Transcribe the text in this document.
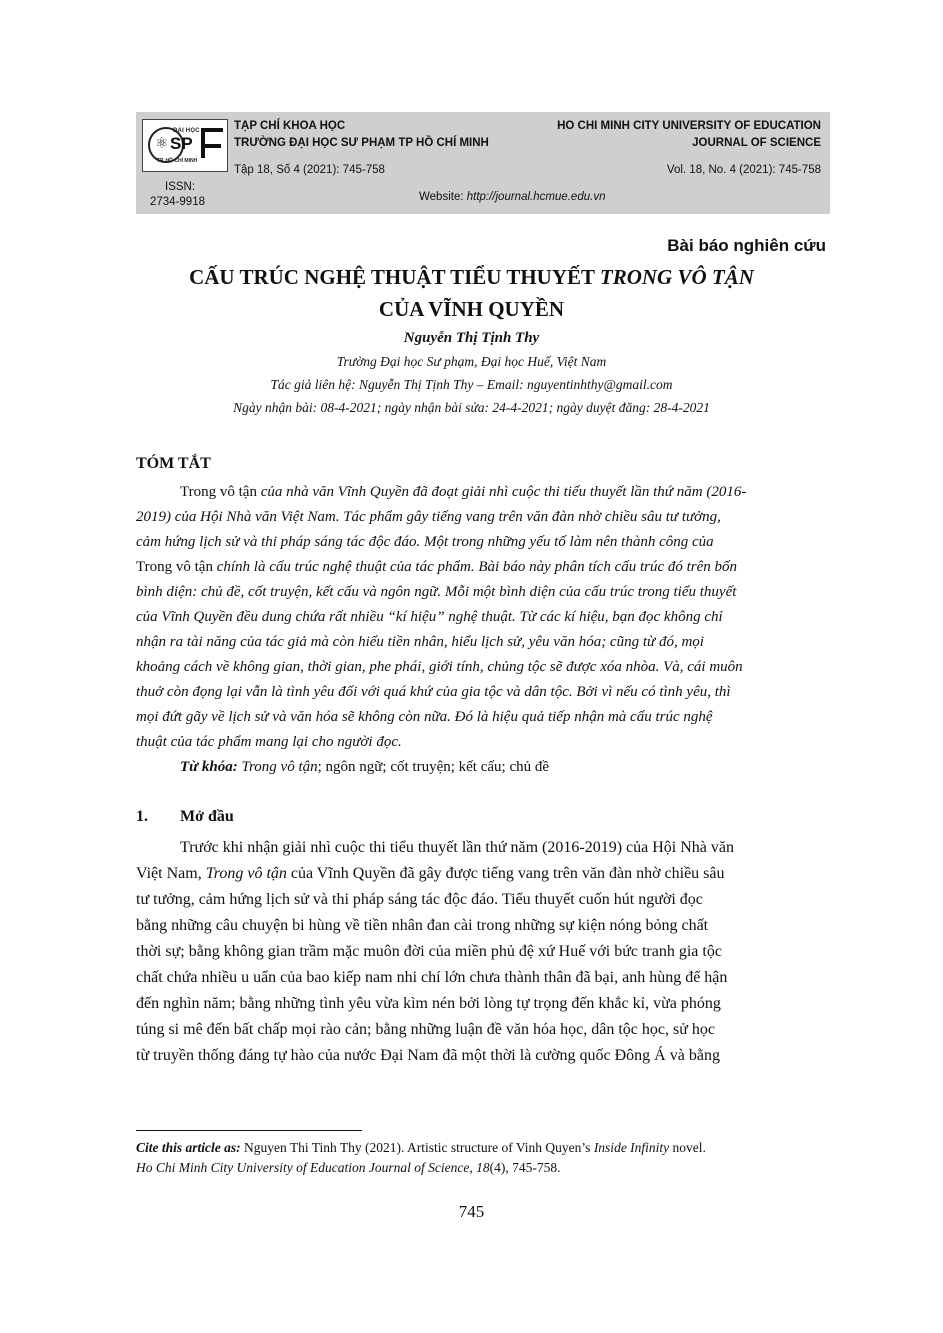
⚛
ĐẠI HỌC
SP
TP. HỒ CHÍ MINH
TẠP CHÍ KHOA HỌC
TRƯỜNG ĐẠI HỌC SƯ PHẠM TP HỒ CHÍ MINH
Tập 18, Số 4 (2021): 745-758
HO CHI MINH CITY UNIVERSITY OF EDUCATION
JOURNAL OF SCIENCE
Vol. 18, No. 4 (2021): 745-758
ISSN:
2734-9918	Website: http://journal.hcmue.edu.vn
Bài báo nghiên cứu
CẤU TRÚC NGHỆ THUẬT TIỂU THUYẾT TRONG VÔ TẬN
CỦA VĨNH QUYỀN
Nguyễn Thị Tịnh Thy
Trường Đại học Sư phạm, Đại học Huế, Việt Nam
Tác giả liên hệ: Nguyễn Thị Tịnh Thy – Email: nguyentinhthy@gmail.com
Ngày nhận bài: 08-4-2021; ngày nhận bài sửa: 24-4-2021; ngày duyệt đăng: 28-4-2021
TÓM TẮT
Trong vô tận của nhà văn Vĩnh Quyền đã đoạt giải nhì cuộc thi tiểu thuyết lần thứ năm (2016-
2019) của Hội Nhà văn Việt Nam. Tác phẩm gây tiếng vang trên văn đàn nhờ chiều sâu tư tưởng,
cảm hứng lịch sử và thi pháp sáng tác độc đáo. Một trong những yếu tố làm nên thành công của
Trong vô tận chính là cấu trúc nghệ thuật của tác phẩm. Bài báo này phân tích cấu trúc đó trên bốn
bình diện: chủ đề, cốt truyện, kết cấu và ngôn ngữ. Mỗi một bình diện của cấu trúc trong tiểu thuyết
của Vĩnh Quyền đều dung chứa rất nhiều “kí hiệu” nghệ thuật. Từ các kí hiệu, bạn đọc không chỉ
nhận ra tài năng của tác giả mà còn hiểu tiền nhân, hiểu lịch sử, yêu văn hóa; cũng từ đó, mọi
khoảng cách về không gian, thời gian, phe phái, giới tính, chủng tộc sẽ được xóa nhòa. Và, cái muôn
thuở còn đọng lại vẫn là tình yêu đối với quá khứ của gia tộc và dân tộc. Bởi vì nếu có tình yêu, thì
mọi đứt gãy về lịch sử và văn hóa sẽ không còn nữa. Đó là hiệu quả tiếp nhận mà cấu trúc nghệ
thuật của tác phẩm mang lại cho người đọc.
Từ khóa: Trong vô tận; ngôn ngữ; cốt truyện; kết cấu; chủ đề
1. Mở đầu
Trước khi nhận giải nhì cuộc thi tiểu thuyết lần thứ năm (2016-2019) của Hội Nhà văn
Việt Nam, Trong vô tận của Vĩnh Quyền đã gây được tiếng vang trên văn đàn nhờ chiều sâu
tư tưởng, cảm hứng lịch sử và thi pháp sáng tác độc đáo. Tiểu thuyết cuốn hút người đọc
bằng những câu chuyện bi hùng về tiền nhân đan cài trong những sự kiện nóng bỏng chất
thời sự; bằng không gian trầm mặc muôn đời của miền phủ đệ xứ Huế với bức tranh gia tộc
chất chứa nhiều u uẩn của bao kiếp nam nhi chí lớn chưa thành thân đã bại, anh hùng để hận
đến nghìn năm; bằng những tình yêu vừa kìm nén bởi lòng tự trọng đến khắc kỉ, vừa phóng
túng si mê đến bất chấp mọi rào cản; bằng những luận đề văn hóa học, dân tộc học, sử học
từ truyền thống đáng tự hào của nước Đại Nam đã một thời là cường quốc Đông Á và bằng
Cite this article as: Nguyen Thi Tinh Thy (2021). Artistic structure of Vinh Quyen’s Inside Infinity novel.
Ho Chi Minh City University of Education Journal of Science, 18(4), 745-758.
745
